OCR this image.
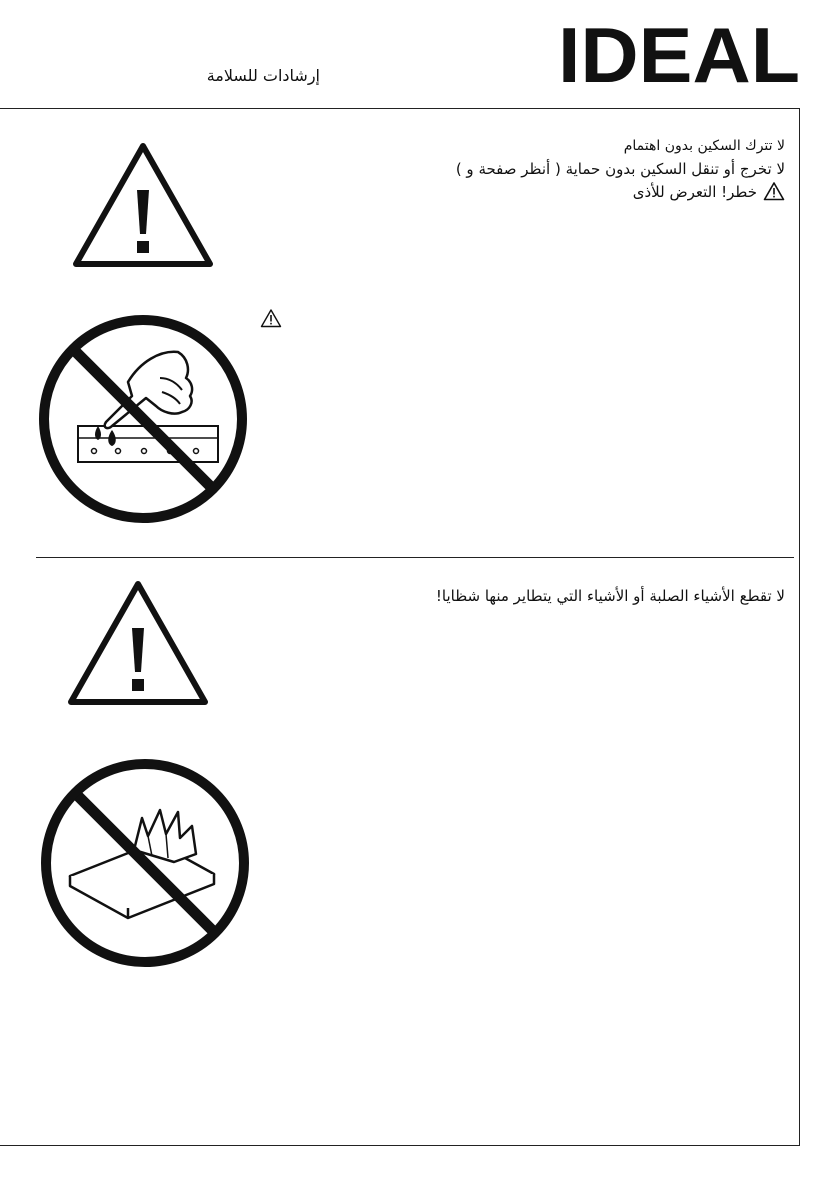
إرشادات للسلامة	IDEAL
لا تترك السكين بدون اهتمام
لا تخرج أو تنقل السكين بدون حماية ( أنظر صفحة و )
خطر! التعرض للأذى
لا تقطع الأشياء الصلبة أو الأشياء التي يتطاير منها شظايا!
